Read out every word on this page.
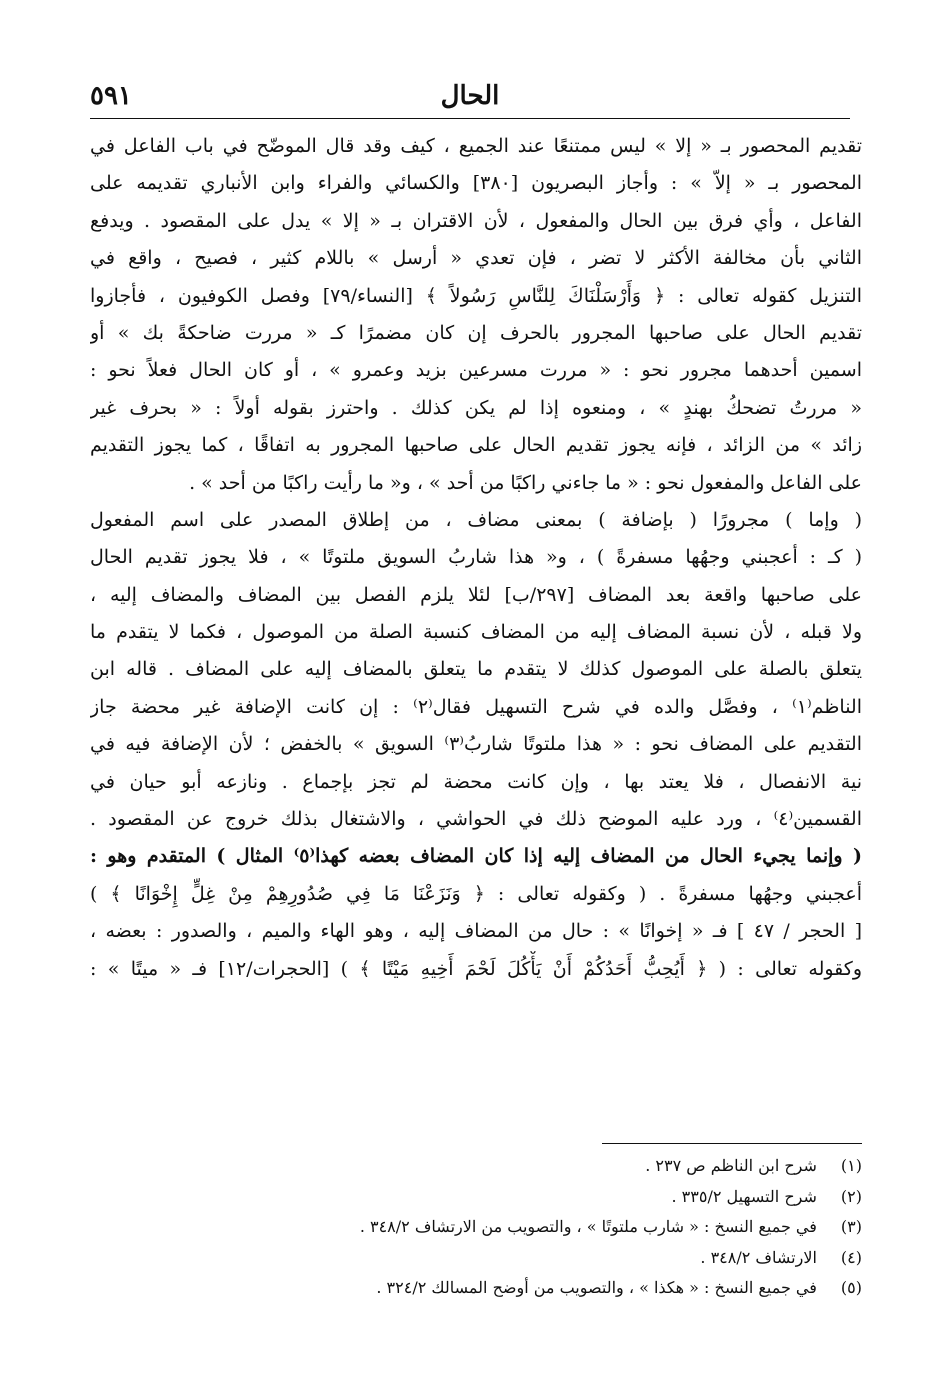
الحال
٥٩١
تقديم المحصور بـ « إلا » ليس ممتنعًا عند الجميع ، كيف وقد قال الموضّح في باب الفاعل في
المحصور بـ « إلاّ » : وأجاز البصريون [٣٨٠] والكسائي والفراء وابن الأنباري تقديمه على
الفاعل ، وأي فرق بين الحال والمفعول ، لأن الاقتران بـ « إلا » يدل على المقصود . ويدفع
الثاني بأن مخالفة الأكثر لا تضر ، فإن تعدي « أرسل » باللام كثير ، فصيح ، واقع في
التنزيل كقوله تعالى : ﴿ وَأَرْسَلْنَاكَ لِلنَّاسِ رَسُولاً ﴾ [النساء/٧٩] وفصل الكوفيون ، فأجازوا
تقديم الحال على صاحبها المجرور بالحرف إن كان مضمرًا كـ « مررت ضاحكةً بك » أو
اسمين أحدهما مجرور نحو : « مررت مسرعين بزيد وعمرو » ، أو كان الحال فعلاً نحو :
« مررتُ تضحكُ بهندٍ » ، ومنعوه إذا لم يكن كذلك . واحترز بقوله أولاً : « بحرف غير
زائد » من الزائد ، فإنه يجوز تقديم الحال على صاحبها المجرور به اتفاقًا ، كما يجوز التقديم
على الفاعل والمفعول نحو : « ما جاءني راكبًا من أحد » ، و« ما رأيت راكبًا من أحد » .
( وإما ) مجرورًا ( بإضافة ) بمعنى مضاف ، من إطلاق المصدر على اسم المفعول
( كـ : أعجبني وجهُها مسفرةً ) ، و« هذا شاربُ السويق ملتوتًا » ، فلا يجوز تقديم الحال
على صاحبها واقعة بعد المضاف [٢٩٧/ب] لئلا يلزم الفصل بين المضاف والمضاف إليه ،
ولا قبله ، لأن نسبة المضاف إليه من المضاف كنسبة الصلة من الموصول ، فكما لا يتقدم ما
يتعلق بالصلة على الموصول كذلك لا يتقدم ما يتعلق بالمضاف إليه على المضاف . قاله ابن
الناظم⁽١⁾ ، وفصَّل والده في شرح التسهيل فقال⁽٢⁾ : إن كانت الإضافة غير محضة جاز
التقديم على المضاف نحو : « هذا ملتوتًا شاربُ⁽٣⁾ السويق » بالخفض ؛ لأن الإضافة فيه في
نية الانفصال ، فلا يعتد بها ، وإن كانت محضة لم تجز بإجماع . ونازعه أبو حيان في
القسمين⁽٤⁾ ، ورد عليه الموضح ذلك في الحواشي ، والاشتغال بذلك خروج عن المقصود .
( وإنما يجيء الحال من المضاف إليه إذا كان المضاف بعضه كهذا⁽٥⁾ المثال ) المتقدم وهو :
أعجبني وجهُها مسفرةً . ( وكقوله تعالى : ﴿ وَنَزَعْنَا مَا فِي صُدُورِهِمْ مِنْ غِلٍّ إِخْوَانًا ﴾ )
[ الحجر / ٤٧ ] فـ « إخوانًا » : حال من المضاف إليه ، وهو الهاء والميم ، والصدور : بعضه ،
وكقوله تعالى : ( ﴿ أَيُحِبُّ أَحَدُكُمْ أَنْ يَأْكُلَ لَحْمَ أَخِيهِ مَيْتًا ﴾ ) [الحجرات/١٢] فـ « ميتًا » :
(١) شرح ابن الناظم ص ٢٣٧ .
(٢) شرح التسهيل ٣٣٥/٢ .
(٣) في جميع النسخ : « شارب ملتوتًا » ، والتصويب من الارتشاف ٣٤٨/٢ .
(٤) الارتشاف ٣٤٨/٢ .
(٥) في جميع النسخ : « هكذا » ، والتصويب من أوضح المسالك ٣٢٤/٢ .
